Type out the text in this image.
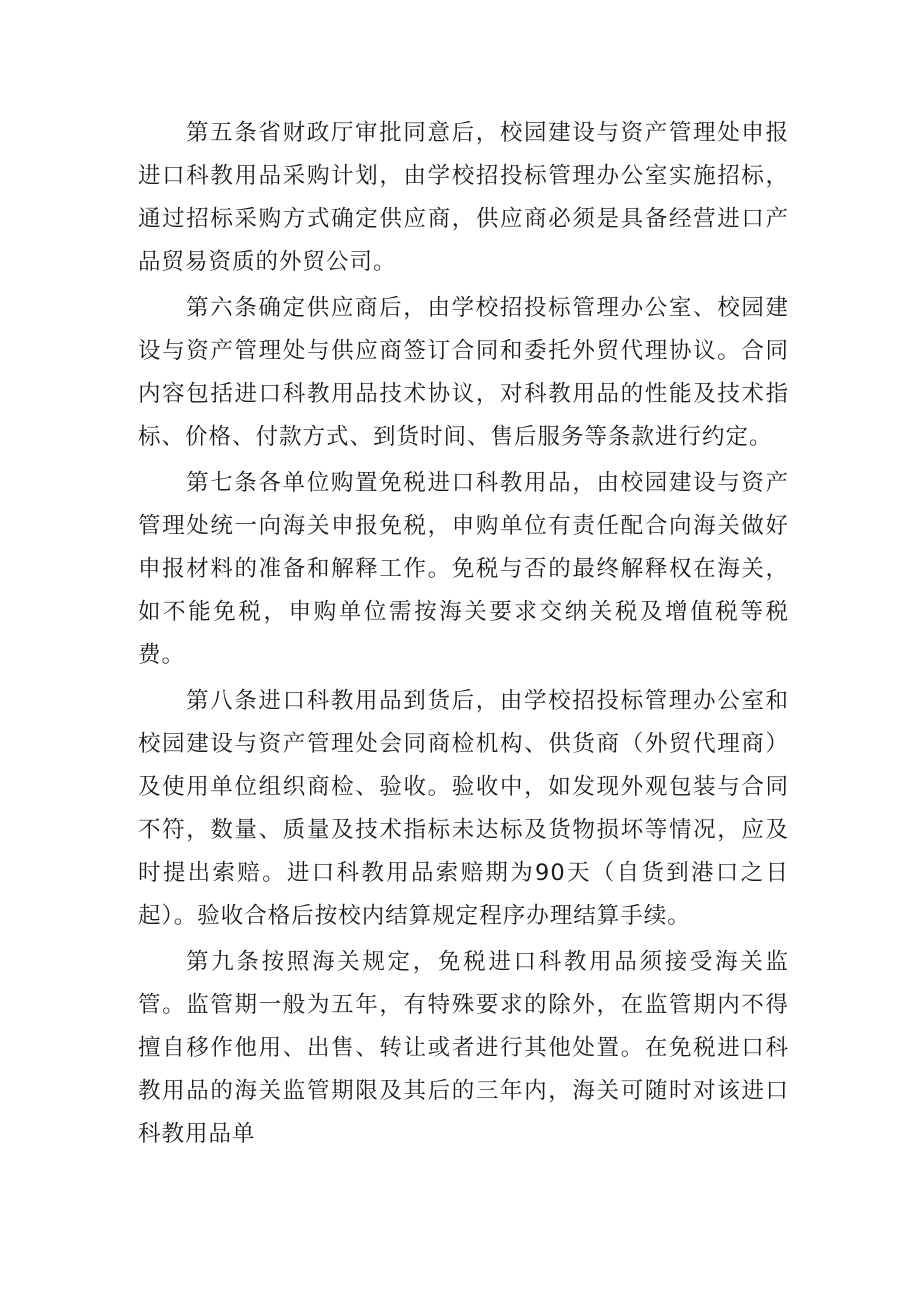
第五条省财政厅审批同意后，校园建设与资产管理处申报进口科教用品采购计划，由学校招投标管理办公室实施招标，通过招标采购方式确定供应商，供应商必须是具备经营进口产品贸易资质的外贸公司。

第六条确定供应商后，由学校招投标管理办公室、校园建设与资产管理处与供应商签订合同和委托外贸代理协议。合同内容包括进口科教用品技术协议，对科教用品的性能及技术指标、价格、付款方式、到货时间、售后服务等条款进行约定。

第七条各单位购置免税进口科教用品，由校园建设与资产管理处统一向海关申报免税，申购单位有责任配合向海关做好申报材料的准备和解释工作。免税与否的最终解释权在海关，如不能免税，申购单位需按海关要求交纳关税及增值税等税费。

第八条进口科教用品到货后，由学校招投标管理办公室和校园建设与资产管理处会同商检机构、供货商（外贸代理商）及使用单位组织商检、验收。验收中，如发现外观包装与合同不符，数量、质量及技术指标未达标及货物损坏等情况，应及时提出索赔。进口科教用品索赔期为90天（自货到港口之日起）。验收合格后按校内结算规定程序办理结算手续。

第九条按照海关规定，免税进口科教用品须接受海关监管。监管期一般为五年，有特殊要求的除外，在监管期内不得擅自移作他用、出售、转让或者进行其他处置。在免税进口科教用品的海关监管期限及其后的三年内，海关可随时对该进口科教用品单
